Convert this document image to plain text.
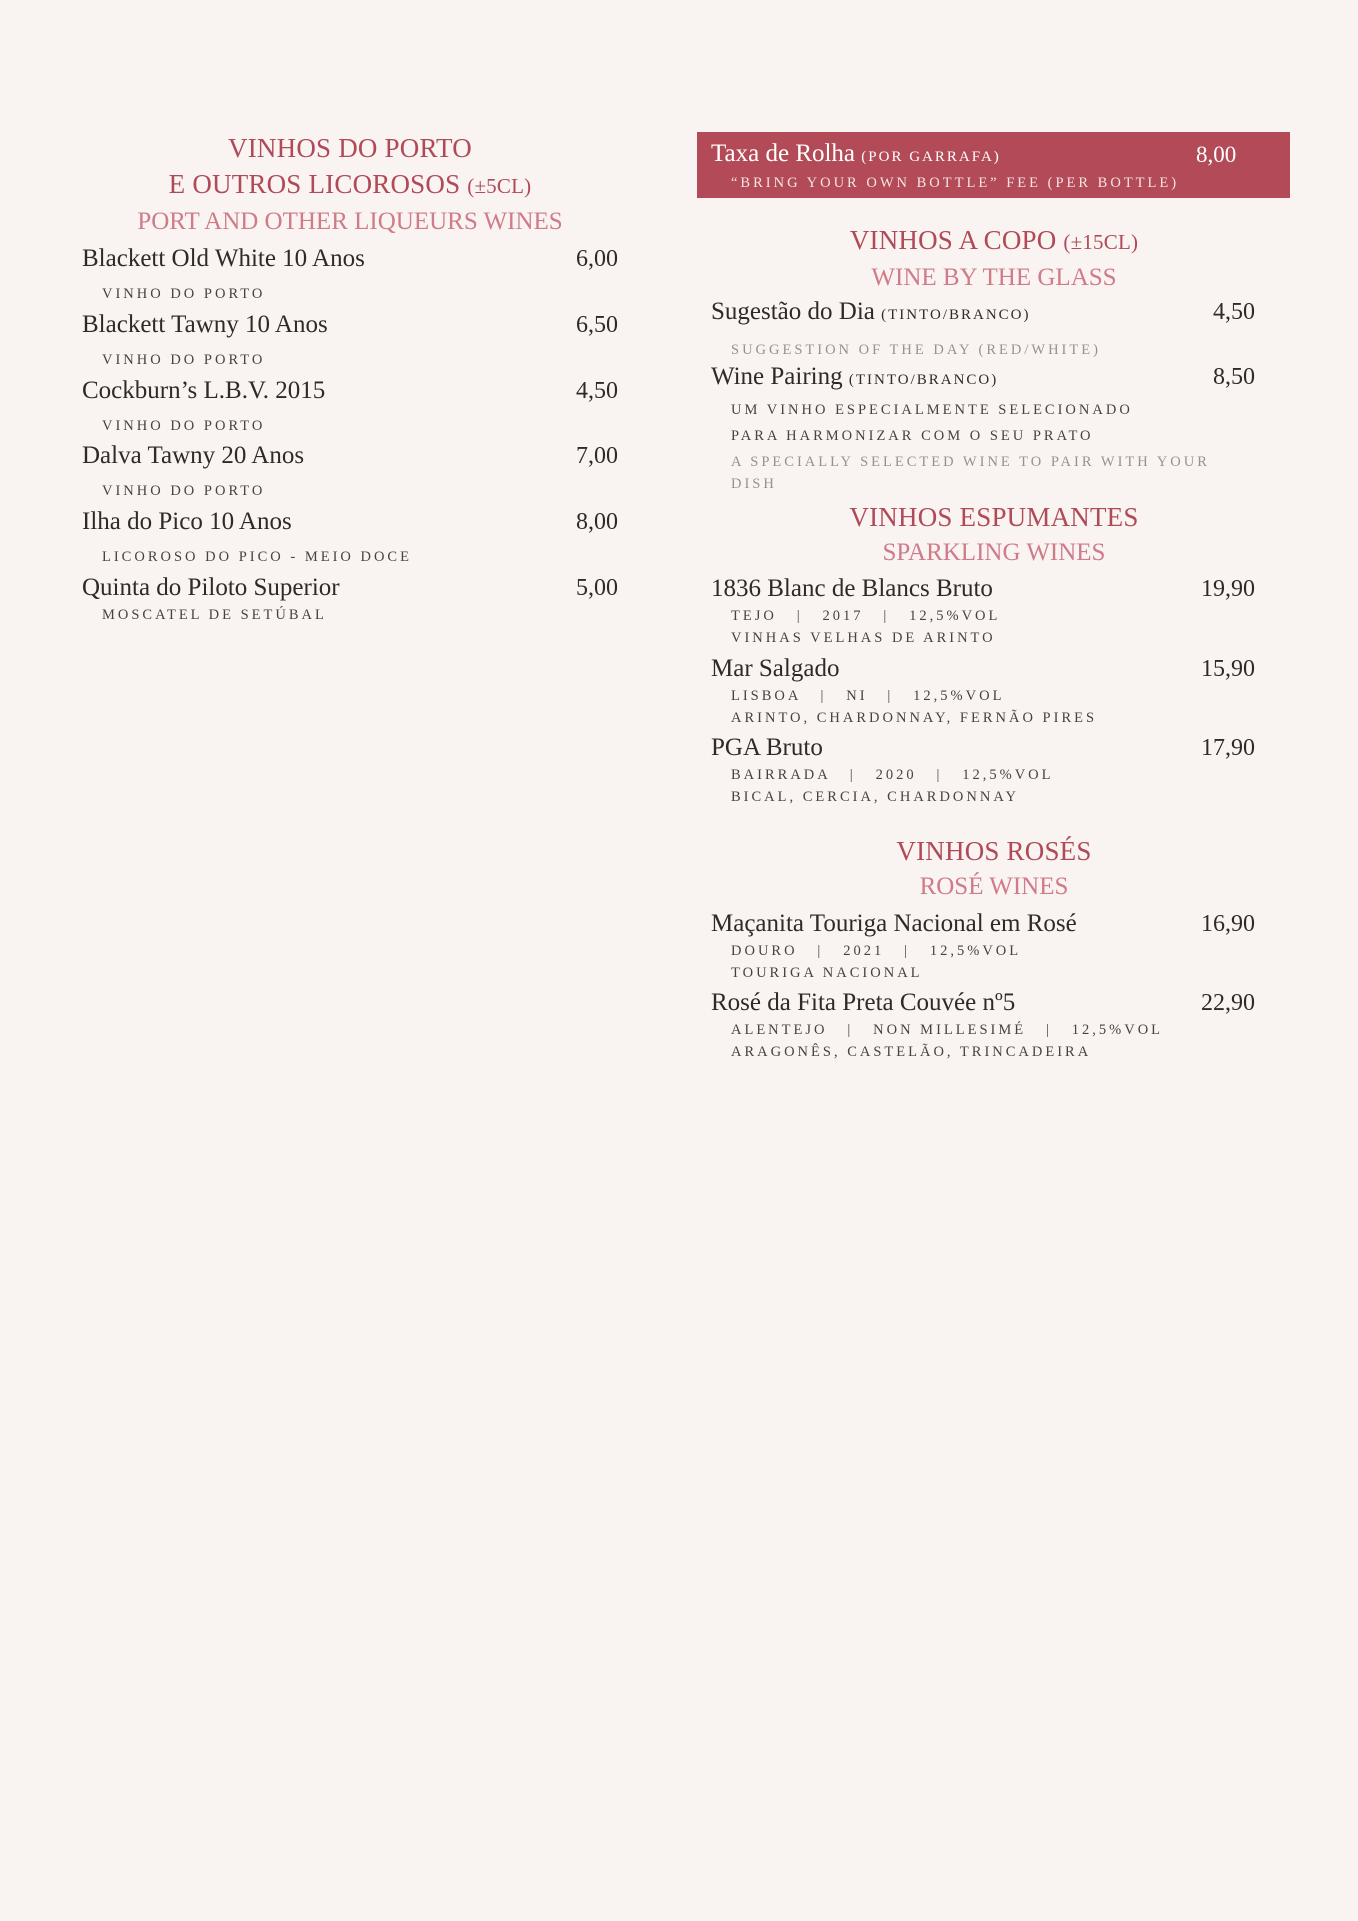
VINHOS DO PORTO
E OUTROS LICOROSOS (±5CL)
PORT AND OTHER LIQUEURS WINES
Blackett Old White 10 Anos	6,00
VINHO DO PORTO
Blackett Tawny 10 Anos	6,50
VINHO DO PORTO
Cockburn’s L.B.V. 2015	4,50
VINHO DO PORTO
Dalva Tawny 20 Anos	7,00
VINHO DO PORTO
Ilha do Pico 10 Anos	8,00
LICOROSO DO PICO - MEIO DOCE
Quinta do Piloto Superior	5,00
MOSCATEL DE SETÚBAL
Taxa de Rolha (POR GARRAFA)	8,00
“BRING YOUR OWN BOTTLE” FEE (PER BOTTLE)
VINHOS A COPO (±15CL)
WINE BY THE GLASS
Sugestão do Dia (TINTO/BRANCO)	4,50
SUGGESTION OF THE DAY (RED/WHITE)
Wine Pairing (TINTO/BRANCO)	8,50
UM VINHO ESPECIALMENTE SELECIONADO
PARA HARMONIZAR COM O SEU PRATO
A SPECIALLY SELECTED WINE TO PAIR WITH YOUR DISH
VINHOS ESPUMANTES
SPARKLING WINES
1836 Blanc de Blancs Bruto	19,90
TEJO   |   2017   |   12,5%VOL
VINHAS VELHAS DE ARINTO
Mar Salgado	15,90
LISBOA   |   NI   |   12,5%VOL
ARINTO, CHARDONNAY, FERNÃO PIRES
PGA Bruto	17,90
BAIRRADA   |   2020   |   12,5%VOL
BICAL, CERCIA, CHARDONNAY
VINHOS ROSÉS
ROSÉ WINES
Maçanita Touriga Nacional em Rosé	16,90
DOURO   |   2021   |   12,5%VOL
TOURIGA NACIONAL
Rosé da Fita Preta Couvée nº5	22,90
ALENTEJO   |   NON MILLESIMÉ   |   12,5%VOL
ARAGONÊS, CASTELÃO, TRINCADEIRA
